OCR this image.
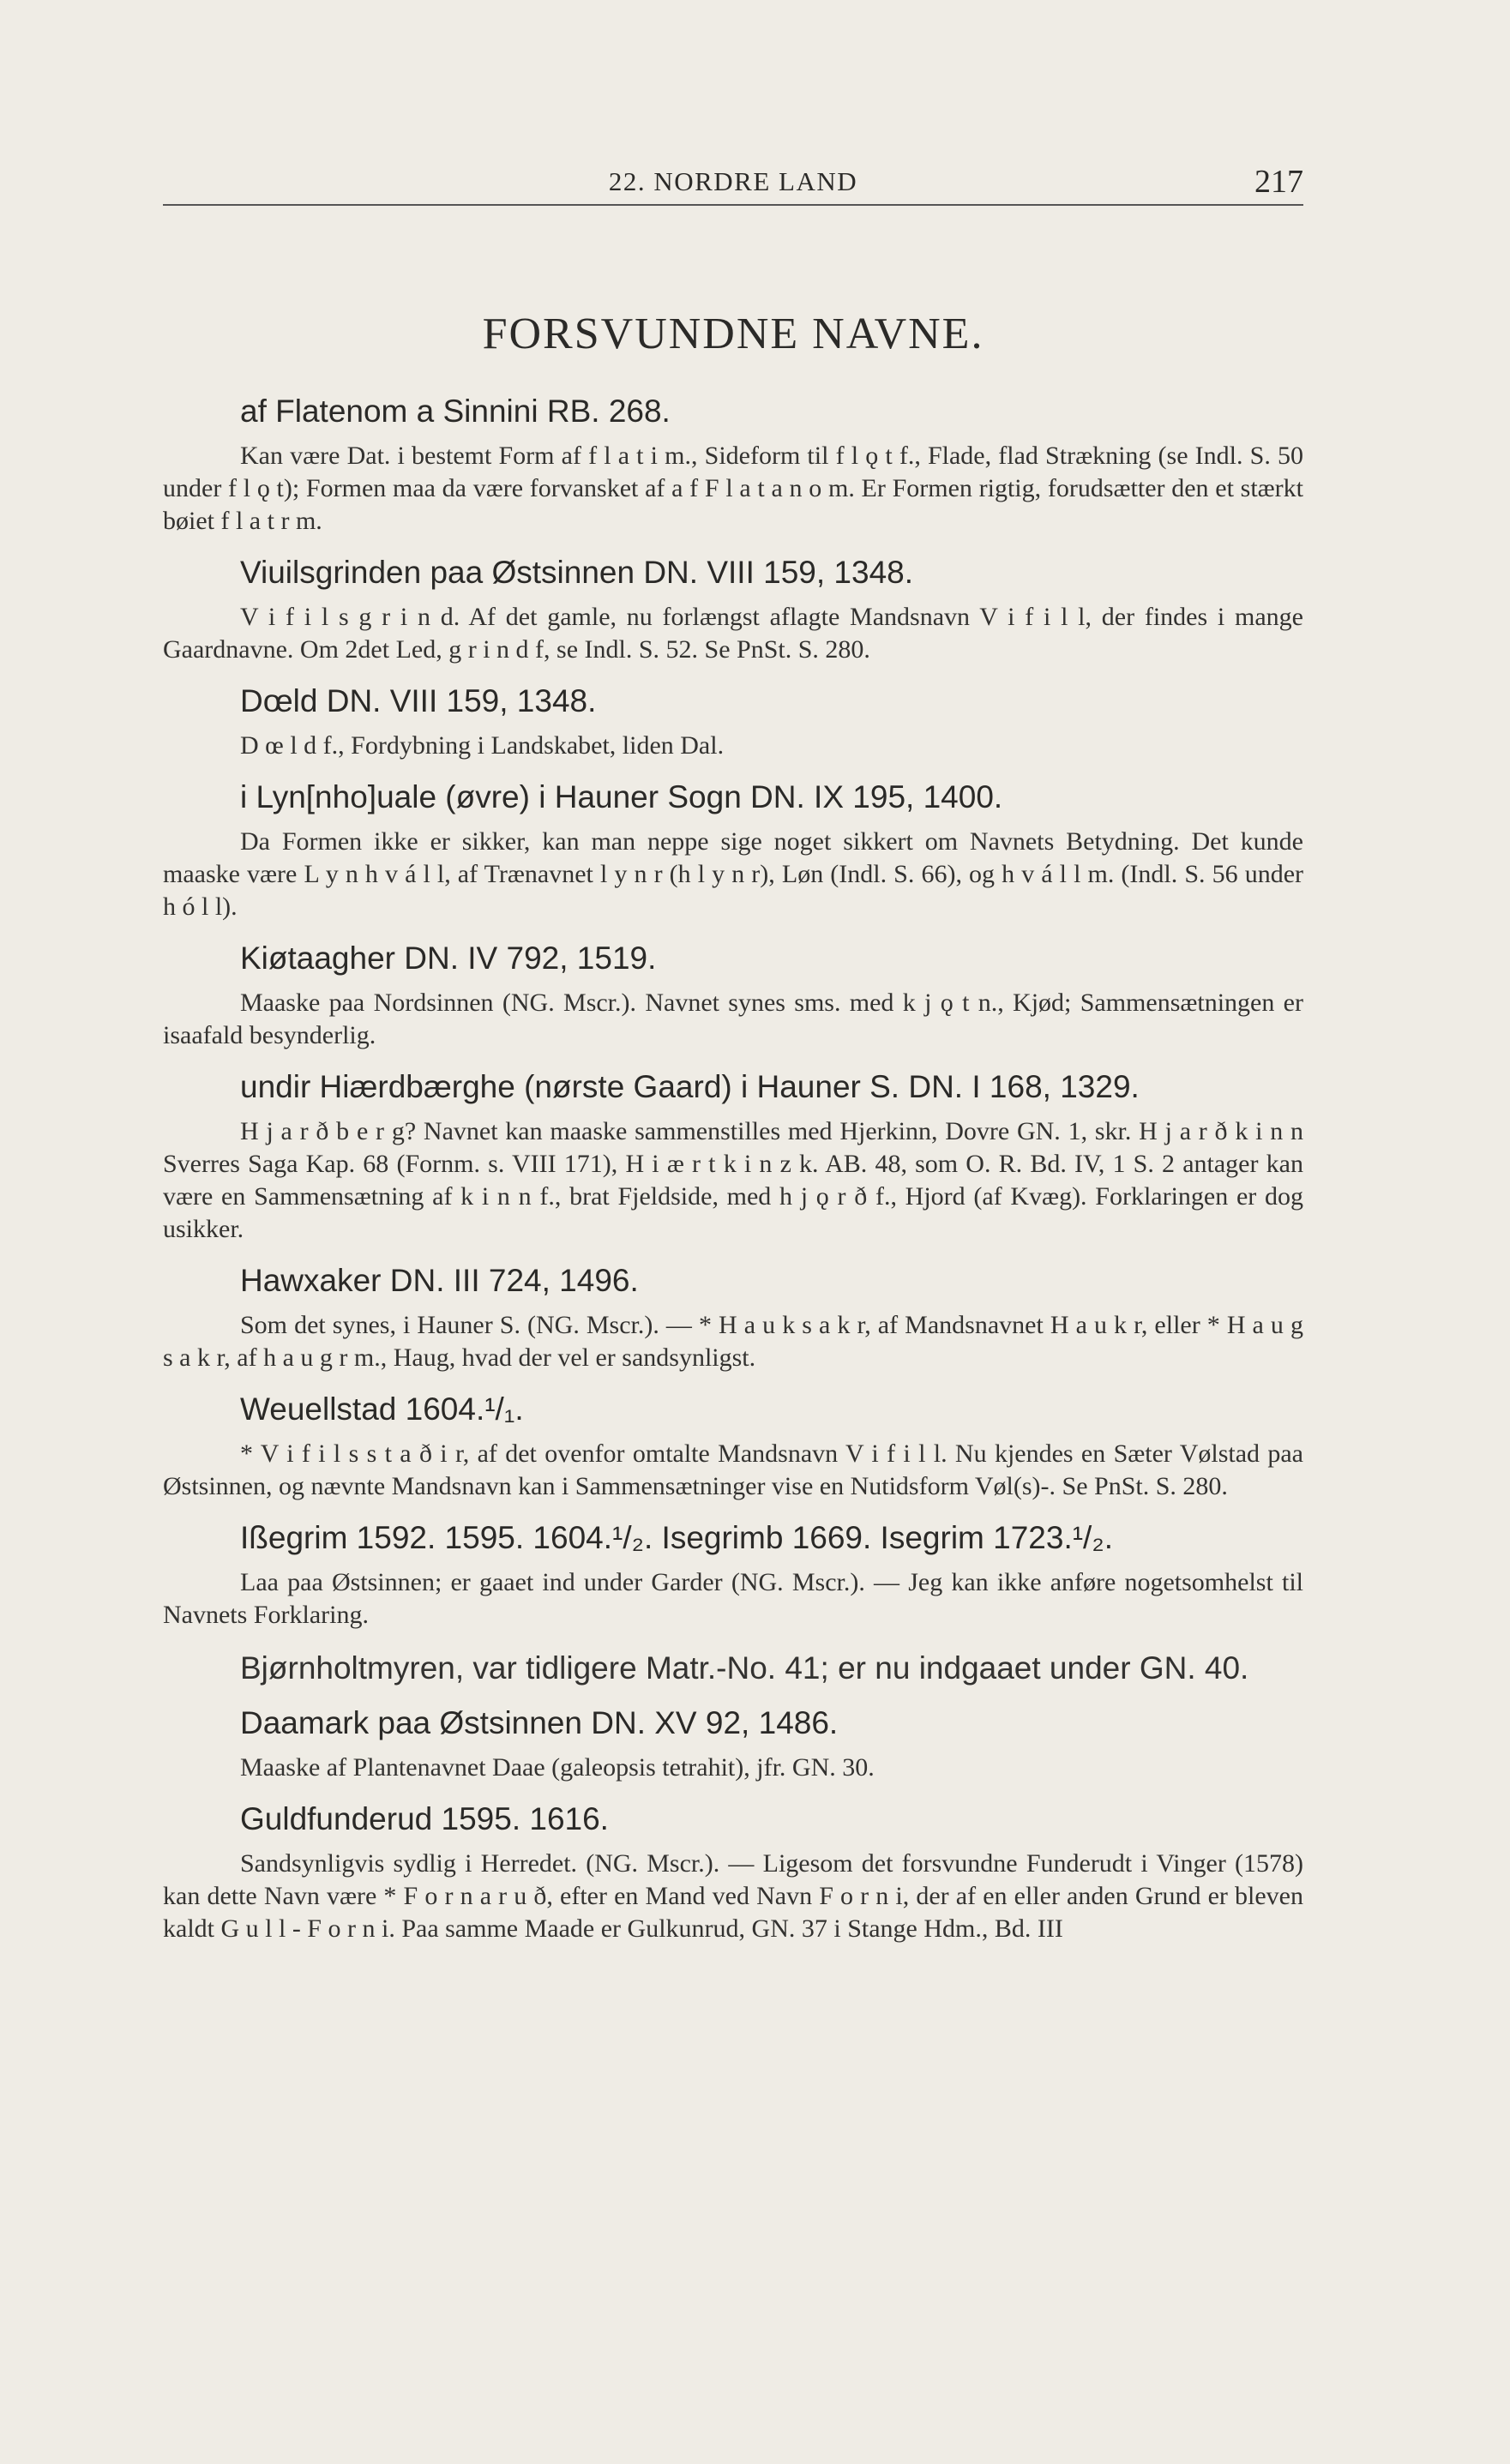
22. NORDRE LAND	217
FORSVUNDNE NAVNE.
af Flatenom a Sinnini RB. 268.

Kan være Dat. i bestemt Form af f l a t i m., Sideform til f l ǫ t f., Flade, flad Strækning (se Indl. S. 50 under f l ǫ t); Formen maa da være forvansket af a f F l a t a n o m. Er Formen rigtig, forudsætter den et stærkt bøiet f l a t r m.

Viuilsgrinden paa Østsinnen DN. VIII 159, 1348.

V i f i l s g r i n d. Af det gamle, nu forlængst aflagte Mandsnavn V i f i l l, der findes i mange Gaardnavne. Om 2det Led, g r i n d f, se Indl. S. 52. Se PnSt. S. 280.

Dœld DN. VIII 159, 1348.

D œ l d f., Fordybning i Landskabet, liden Dal.

i Lyn[nho]uale (øvre) i Hauner Sogn DN. IX 195, 1400.

Da Formen ikke er sikker, kan man neppe sige noget sikkert om Navnets Betydning. Det kunde maaske være L y n h v á l l, af Trænavnet l y n r (h l y n r), Løn (Indl. S. 66), og h v á l l m. (Indl. S. 56 under h ó l l).

Kiøtaagher DN. IV 792, 1519.

Maaske paa Nordsinnen (NG. Mscr.). Navnet synes sms. med k j ǫ t n., Kjød; Sammensætningen er isaafald besynderlig.

undir Hiærdbærghe (nørste Gaard) i Hauner S. DN. I 168, 1329.

H j a r ð b e r g? Navnet kan maaske sammenstilles med Hjerkinn, Dovre GN. 1, skr. H j a r ð k i n n Sverres Saga Kap. 68 (Fornm. s. VIII 171), H i æ r t k i n z k. AB. 48, som O. R. Bd. IV, 1 S. 2 antager kan være en Sammensætning af k i n n f., brat Fjeldside, med h j ǫ r ð f., Hjord (af Kvæg). Forklaringen er dog usikker.

Hawxaker DN. III 724, 1496.

Som det synes, i Hauner S. (NG. Mscr.). — * H a u k s a k r, af Mandsnavnet H a u k r, eller * H a u g s a k r, af h a u g r m., Haug, hvad der vel er sandsynligst.

Weuellstad 1604.¹/₁.

* V i f i l s s t a ð i r, af det ovenfor omtalte Mandsnavn V i f i l l. Nu kjendes en Sæter Vølstad paa Østsinnen, og nævnte Mandsnavn kan i Sammensætninger vise en Nutidsform Vøl(s)-. Se PnSt. S. 280.

Ißegrim 1592. 1595. 1604.¹/₂. Isegrimb 1669. Isegrim 1723.¹/₂.

Laa paa Østsinnen; er gaaet ind under Garder (NG. Mscr.). — Jeg kan ikke anføre nogetsomhelst til Navnets Forklaring.

Bjørnholtmyren, var tidligere Matr.-No. 41; er nu indgaaet under GN. 40.

Daamark paa Østsinnen DN. XV 92, 1486.

Maaske af Plantenavnet Daae (galeopsis tetrahit), jfr. GN. 30.

Guldfunderud 1595. 1616.

Sandsynligvis sydlig i Herredet. (NG. Mscr.). — Ligesom det forsvundne Funderudt i Vinger (1578) kan dette Navn være * F o r n a r u ð, efter en Mand ved Navn F o r n i, der af en eller anden Grund er bleven kaldt G u l l - F o r n i. Paa samme Maade er Gulkunrud, GN. 37 i Stange Hdm., Bd. III
